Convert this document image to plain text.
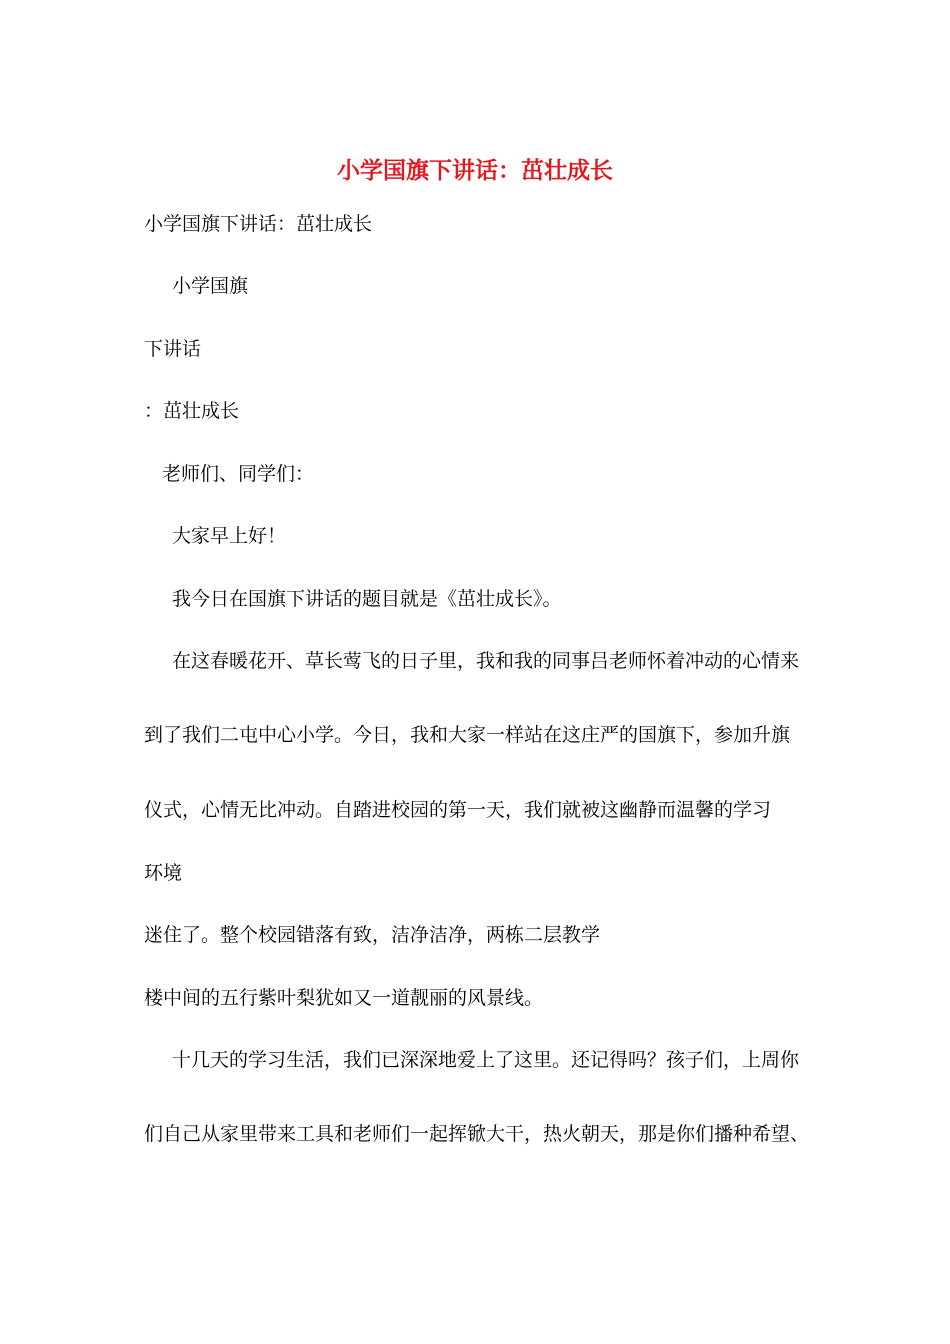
小学国旗下讲话：茁壮成长
小学国旗下讲话：茁壮成长
小学国旗
下讲话
：茁壮成长
老师们、同学们：
大家早上好！
我今日在国旗下讲话的题目就是《茁壮成长》。
在这春暖花开、草长莺飞的日子里，我和我的同事吕老师怀着冲动的心情来
到了我们二屯中心小学。今日，我和大家一样站在这庄严的国旗下，参加升旗
仪式，心情无比冲动。自踏进校园的第一天，我们就被这幽静而温馨的学习
环境
迷住了。整个校园错落有致，洁净洁净，两栋二层教学
楼中间的五行紫叶梨犹如又一道靓丽的风景线。
十几天的学习生活，我们已深深地爱上了这里。还记得吗？孩子们，上周你
们自己从家里带来工具和老师们一起挥锨大干，热火朝天，那是你们播种希望、
